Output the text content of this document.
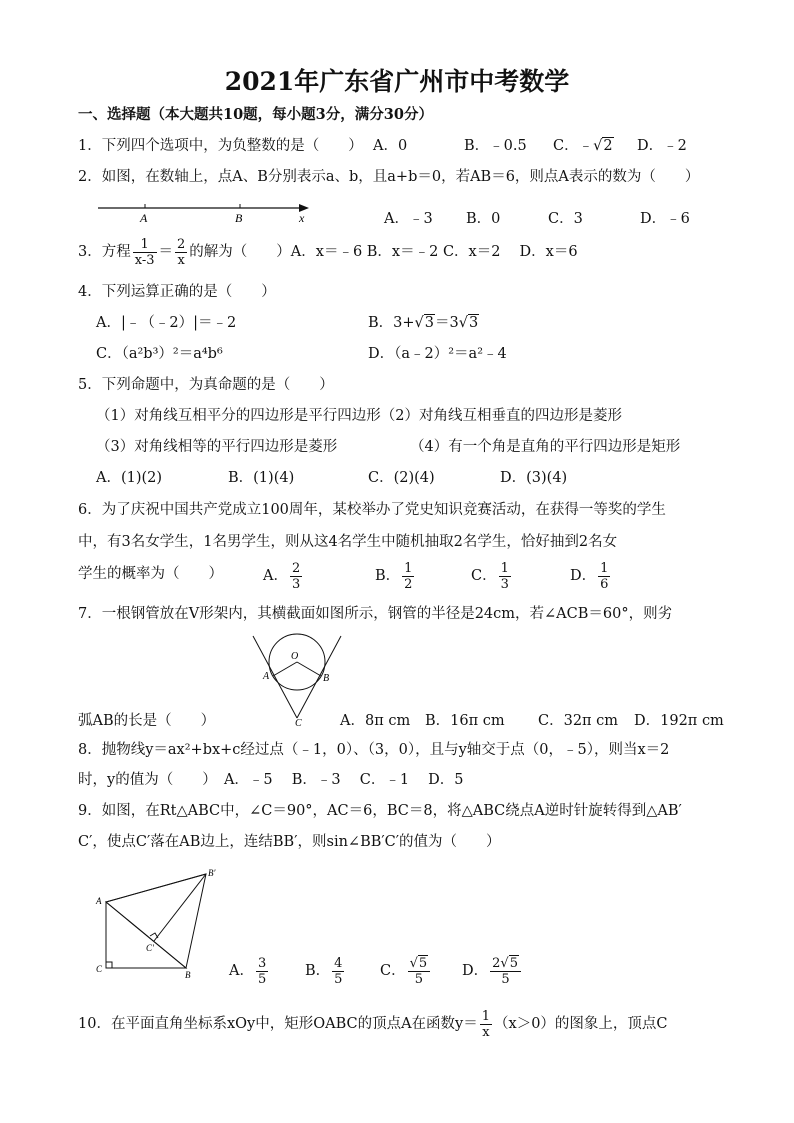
2021年广东省广州市中考数学
一、选择题（本大题共10题，每小题3分，满分30分）
1．下列四个选项中，为负整数的是（　　） A．0	B．﹣0.5 C．﹣√2 D．﹣2
2．如图，在数轴上，点A、B分别表示a、b，且a+b＝0，若AB＝6，则点A表示的数为（　　）
A	B	x	A．﹣3 B．0	C．3	D．﹣6
3．方程 $\frac{1}{x-3} = \frac{2}{x}$ 的解为（　　）A．x＝﹣6 B．x＝﹣2 C．x＝2　 D．x＝6
4．下列运算正确的是（　　）
A．|﹣（﹣2）|＝﹣2	B．3+√3＝3√3
C．（a²b³）²＝a⁴b⁶	D．（a﹣2）²＝a²﹣4
5．下列命题中，为真命题的是（　　）
（1）对角线互相平分的四边形是平行四边形（2）对角线互相垂直的四边形是菱形
（3）对角线相等的平行四边形是菱形	（4）有一个角是直角的平行四边形是矩形
A．(1)(2)	B．(1)(4)	C．(2)(4)	D．(3)(4)
6．为了庆祝中国共产党成立100周年，某校举办了党史知识竞赛活动，在获得一等奖的学生
中，有3名女学生，1名男学生，则从这4名学生中随机抽取2名学生，恰好抽到2名女
学生的概率为（　　）	A． $\frac{2}{3}$	B． $\frac{1}{2}$	C． $\frac{1}{3}$	D． $\frac{1}{6}$
7．一根钢管放在V形架内，其横截面如图所示，钢管的半径是24cm，若∠ACB＝60°，则劣
O
A	B
C
弧AB的长是（　　）	A．8π cm B．16π cm C．32π cm D．192π cm
8．抛物线y＝ax²+bx+c经过点（﹣1，0）、（3，0），且与y轴交于点（0，﹣5），则当x＝2
时，y的值为（　　）　A．﹣5　 B．﹣3　 C．﹣1　 D．5
9．如图，在Rt△ABC中，∠C＝90°，AC＝6，BC＝8，将△ABC绕点A逆时针旋转得到△AB′
C′，使点C′落在AB边上，连结BB′，则sin∠BB′C′的值为（　　）
A
C
B
B′
C′
A． $\frac{3}{5}$	B． $\frac{4}{5}$ C． $\frac{√5}{5}$ D． $\frac{2√5}{5}$
10．在平面直角坐标系xOy中，矩形OABC的顶点A在函数$y= \frac{1}{x} (x>0)$的图象上，顶点C
